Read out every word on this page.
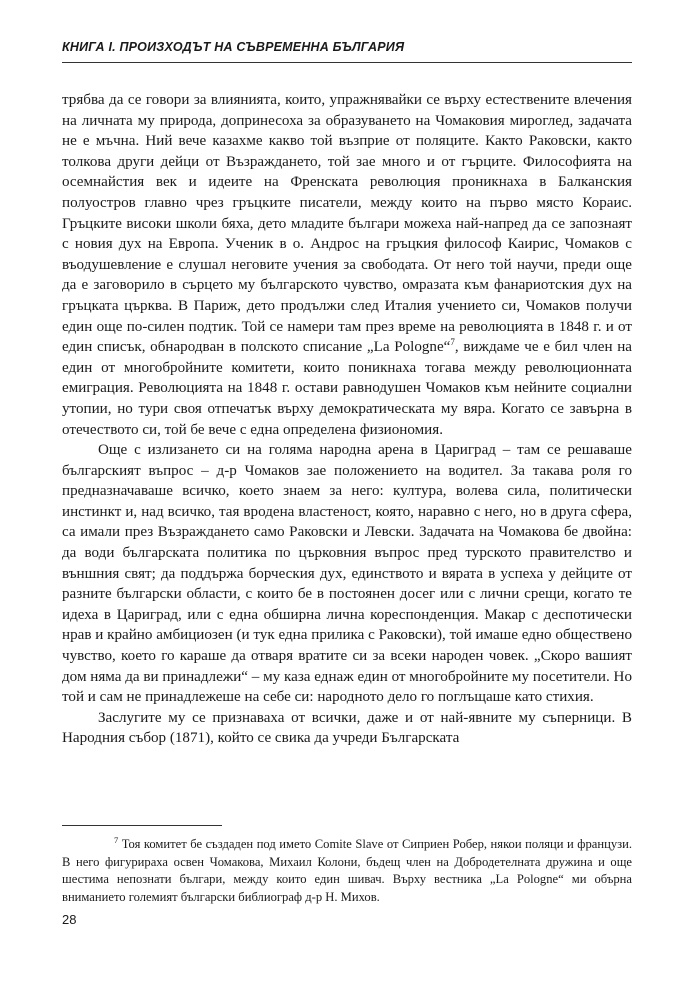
КНИГА I. ПРОИЗХОДЪТ НА СЪВРЕМЕННА БЪЛГАРИЯ

трябва да се говори за влиянията, които, упражнявайки се върху естествените влечения на личната му природа, допринесоха за образуването на Чомаковия мироглед, задачата не е мъчна. Ний вече казахме какво той възприе от поляците. Както Раковски, както толкова други дейци от Възраждането, той зае много и от гърците. Философията на осемнайстия век и идеите на Френската революция проникнаха в Балканския полуостров главно чрез гръцките писатели, между които на първо място Кораис. Гръцките високи школи бяха, дето младите българи можеха най-напред да се запознаят с новия дух на Европа. Ученик в о. Андрос на гръцкия философ Каирис, Чомаков с въодушевление е слушал неговите учения за свободата. От него той научи, преди още да е заговорило в сърцето му българското чувство, омразата към фанариотския дух на гръцката църква. В Париж, дето продължи след Италия учението си, Чомаков получи един още по-силен подтик. Той се намери там през време на революцията в 1848 г. и от един списък, обнародван в полското списание „La Pologne“$^7$, виждаме че е бил член на един от многобройните комитети, които поникнаха тогава между революционната емиграция. Революцията на 1848 г. остави равнодушен Чомаков към нейните социални утопии, но тури своя отпечатък върху демократическата му вяра. Когато се завърна в отечеството си, той бе вече с една определена физиономия.

Още с излизането си на голяма народна арена в Цариград – там се решаваше българският въпрос – д-р Чомаков зае положението на водител. За такава роля го предназначаваше всичко, което знаем за него: култура, волева сила, политически инстинкт и, над всичко, тая вродена властеност, която, наравно с него, но в друга сфера, са имали през Възраждането само Раковски и Левски. Задачата на Чомакова бе двойна: да води българската политика по църковния въпрос пред турското правителство и външния свят; да поддържа борческия дух, единството и вярата в успеха у дейците от разните български области, с които бе в постоянен досег или с лични срещи, когато те идеха в Цариград, или с една обширна лична кореспонденция. Макар с деспотически нрав и крайно амбициозен (и тук една прилика с Раковски), той имаше едно обществено чувство, което го караше да отваря вратите си за всеки народен човек. „Скоро вашият дом няма да ви принадлежи“ – му каза еднаж един от многобройните му посетители. Но той и сам не принадлежеше на себе си: народното дело го поглъщаше като стихия.

Заслугите му се признаваха от всички, даже и от най-явните му съперници. В Народния събор (1871), който се свика да учреди Българската

$^7$ Тоя комитет бе създаден под името Comite Slave от Сиприен Робер, някои поляци и французи. В него фигурираха освен Чомакова, Михаил Колони, бъдещ член на Добродетелната дружина и още шестима непознати българи, между които един шивач. Върху вестника „La Pologne“ ми обърна вниманието големият български библиограф д-р Н. Михов.

28
